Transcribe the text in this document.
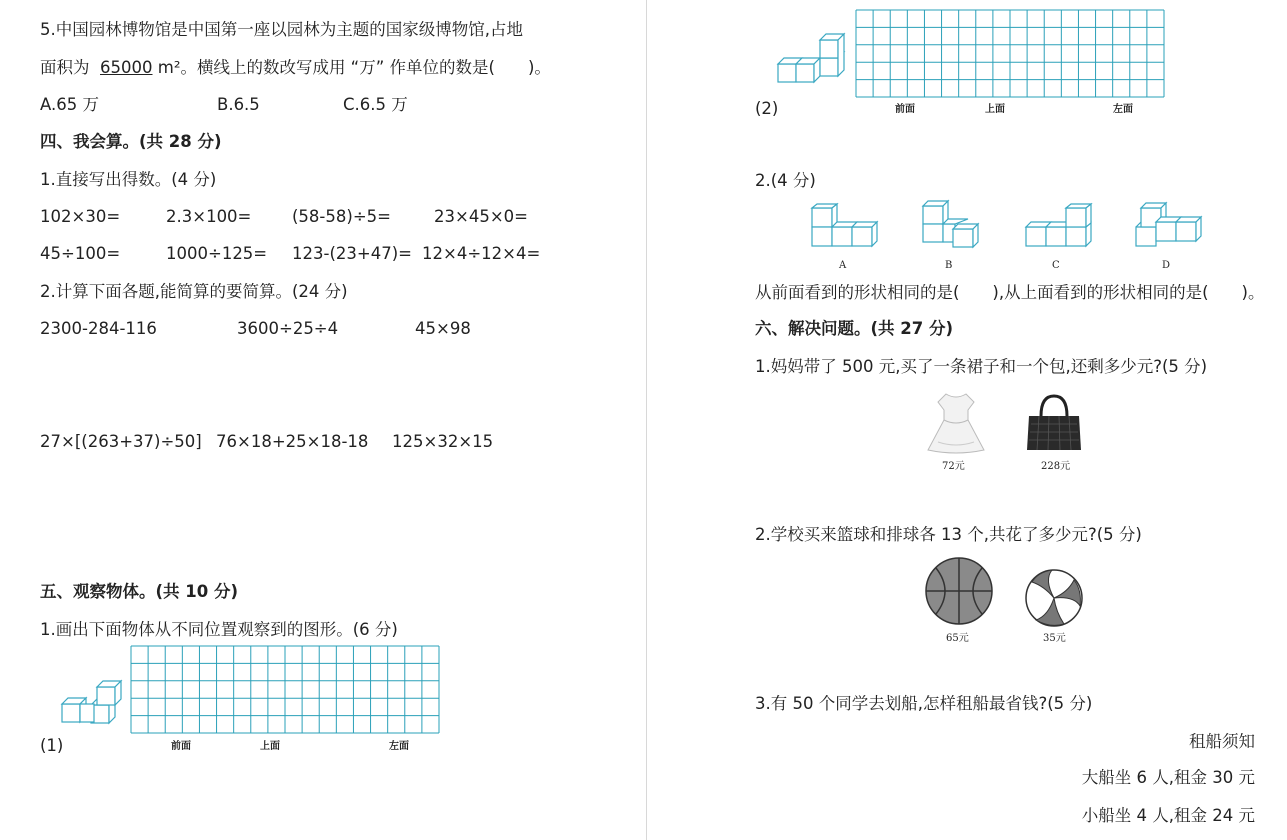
5.中国园林博物馆是中国第一座以园林为主题的国家级博物馆,占地
面积为 65000 m²。横线上的数改写成用 “万” 作单位的数是(　　)。
A.65 万	B.6.5	C.6.5 万
四、我会算。(共 28 分)
1.直接写出得数。(4 分)
102×30=	2.3×100= (58-58)÷5=	23×45×0=
45÷100=	1000÷125= 123-(23+47)= 12×4÷12×4=
2.计算下面各题,能简算的要简算。(24 分)
2300-284-116	3600÷25÷4	45×98
27×[(263+37)÷50] 76×18+25×18-18 125×32×15
五、观察物体。(共 10 分)
1.画出下面物体从不同位置观察到的图形。(6 分)
(1)	前面	上面	左面
(2)	前面	上面	左面
2.(4 分)
A	B	C	D
从前面看到的形状相同的是(　　),从上面看到的形状相同的是(　　)。
六、解决问题。(共 27 分)
1.妈妈带了 500 元,买了一条裙子和一个包,还剩多少元?(5 分)
72元	228元
2.学校买来篮球和排球各 13 个,共花了多少元?(5 分)
65元	35元
3.有 50 个同学去划船,怎样租船最省钱?(5 分)
租船须知
大船坐 6 人,租金 30 元
小船坐 4 人,租金 24 元
